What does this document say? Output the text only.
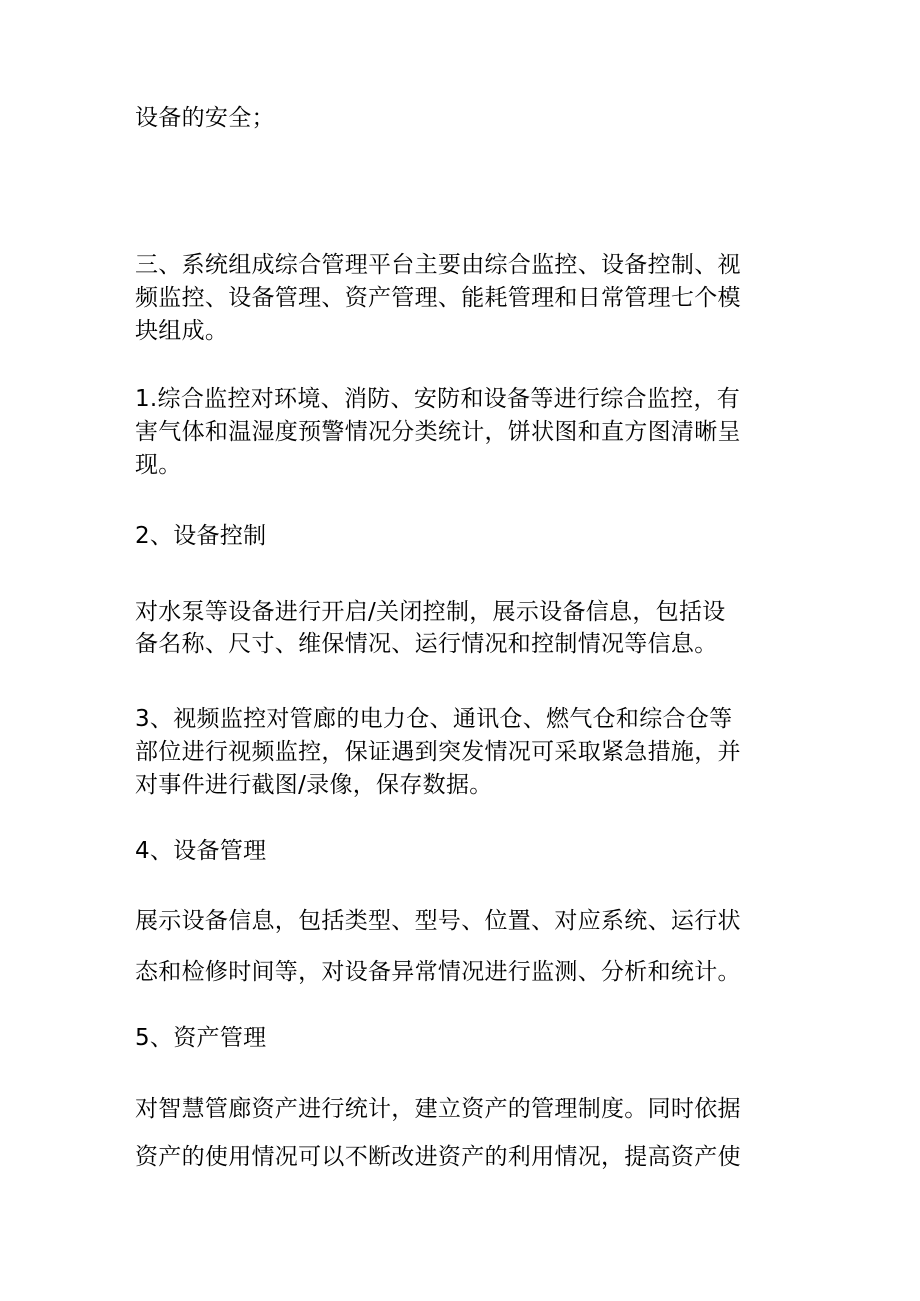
设备的安全；
三、系统组成综合管理平台主要由综合监控、设备控制、视
频监控、设备管理、资产管理、能耗管理和日常管理七个模
块组成。
1.综合监控对环境、消防、安防和设备等进行综合监控，有
害气体和温湿度预警情况分类统计，饼状图和直方图清晰呈
现。
2、设备控制
对水泵等设备进行开启/关闭控制，展示设备信息，包括设
备名称、尺寸、维保情况、运行情况和控制情况等信息。
3、视频监控对管廊的电力仓、通讯仓、燃气仓和综合仓等
部位进行视频监控，保证遇到突发情况可采取紧急措施，并
对事件进行截图/录像，保存数据。
4、设备管理
展示设备信息，包括类型、型号、位置、对应系统、运行状
态和检修时间等，对设备异常情况进行监测、分析和统计。
5、资产管理
对智慧管廊资产进行统计，建立资产的管理制度。同时依据
资产的使用情况可以不断改进资产的利用情况，提高资产使
